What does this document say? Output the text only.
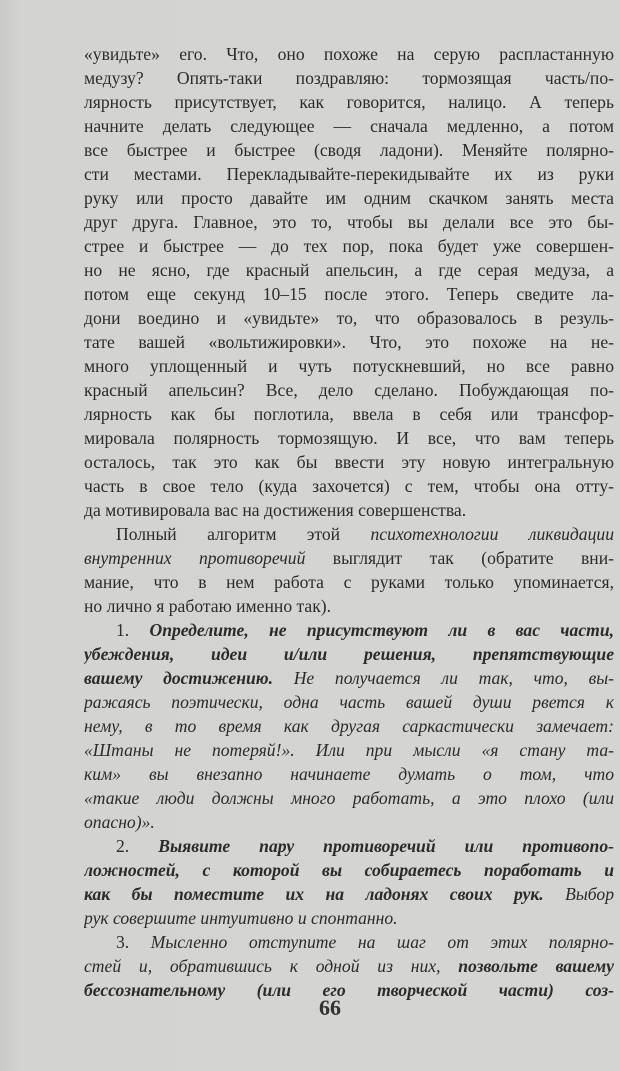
«увидьте» его. Что, оно похоже на серую распластанную
медузу? Опять-таки поздравляю: тормозящая часть/по-
лярность присутствует, как говорится, налицо. А теперь
начните делать следующее — сначала медленно, а потом
все быстрее и быстрее (сводя ладони). Меняйте полярно-
сти местами. Перекладывайте-перекидывайте их из руки
руку или просто давайте им одним скачком занять места
друг друга. Главное, это то, чтобы вы делали все это бы-
стрее и быстрее — до тех пор, пока будет уже совершен-
но не ясно, где красный апельсин, а где серая медуза, а
потом еще секунд 10–15 после этого. Теперь сведите ла-
дони воедино и «увидьте» то, что образовалось в резуль-
тате вашей «вольтижировки». Что, это похоже на не-
много уплощенный и чуть потускневший, но все равно
красный апельсин? Все, дело сделано. Побуждающая по-
лярность как бы поглотила, ввела в себя или трансфор-
мировала полярность тормозящую. И все, что вам теперь
осталось, так это как бы ввести эту новую интегральную
часть в свое тело (куда захочется) с тем, чтобы она отту-
да мотивировала вас на достижения совершенства.
Полный алгоритм этой психотехнологии ликвидации
внутренних противоречий выглядит так (обратите вни-
мание, что в нем работа с руками только упоминается,
но лично я работаю именно так).
1. Определите, не присутствуют ли в вас части,
убеждения, идеи и/или решения, препятствующие
вашему достижению. Не получается ли так, что, вы-
ражаясь поэтически, одна часть вашей души рвется к
нему, в то время как другая саркастически замечает:
«Штаны не потеряй!». Или при мысли «я стану та-
ким» вы внезапно начинаете думать о том, что
«такие люди должны много работать, а это плохо (или
опасно)».
2. Выявите пару противоречий или противопо-
ложностей, с которой вы собираетесь поработать и
как бы поместите их на ладонях своих рук. Выбор
рук совершите интуитивно и спонтанно.
3. Мысленно отступите на шаг от этих полярно-
стей и, обратившись к одной из них, позвольте вашему
бессознательному (или его творческой части) соз-
66
